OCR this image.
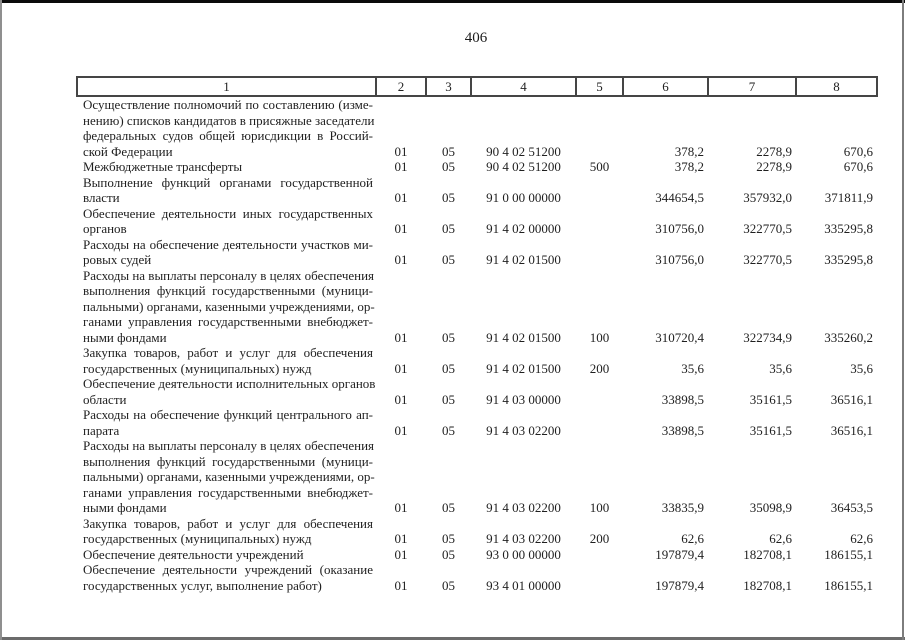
406
1	2	3	4	5	6	7	8

Осуществление полномочий по составлению (изме-
нению) списков кандидатов в присяжные заседатели
федеральных судов общей юрисдикции в Россий-
ской Федерации	01	05	90 4 02 51200		378,2	2278,9	670,6

Межбюджетные трансферты	01	05	90 4 02 51200	500	378,2	2278,9	670,6

Выполнение функций органами государственной
власти	01	05	91 0 00 00000		344654,5	357932,0	371811,9

Обеспечение деятельности иных государственных
органов	01	05	91 4 02 00000		310756,0	322770,5	335295,8

Расходы на обеспечение деятельности участков ми-
ровых судей	01	05	91 4 02 01500		310756,0	322770,5	335295,8

Расходы на выплаты персоналу в целях обеспечения
выполнения функций государственными (муници-
пальными) органами, казенными учреждениями, ор-
ганами управления государственными внебюджет-
ными фондами	01	05	91 4 02 01500	100	310720,4	322734,9	335260,2

Закупка товаров, работ и услуг для обеспечения
государственных (муниципальных) нужд	01	05	91 4 02 01500	200	35,6	35,6	35,6

Обеспечение деятельности исполнительных органов
области	01	05	91 4 03 00000		33898,5	35161,5	36516,1

Расходы на обеспечение функций центрального ап-
парата	01	05	91 4 03 02200		33898,5	35161,5	36516,1

Расходы на выплаты персоналу в целях обеспечения
выполнения функций государственными (муници-
пальными) органами, казенными учреждениями, ор-
ганами управления государственными внебюджет-
ными фондами	01	05	91 4 03 02200	100	33835,9	35098,9	36453,5

Закупка товаров, работ и услуг для обеспечения
государственных (муниципальных) нужд	01	05	91 4 03 02200	200	62,6	62,6	62,6

Обеспечение деятельности учреждений	01	05	93 0 00 00000		197879,4	182708,1	186155,1

Обеспечение деятельности учреждений (оказание
государственных услуг, выполнение работ)	01	05	93 4 01 00000		197879,4	182708,1	186155,1
